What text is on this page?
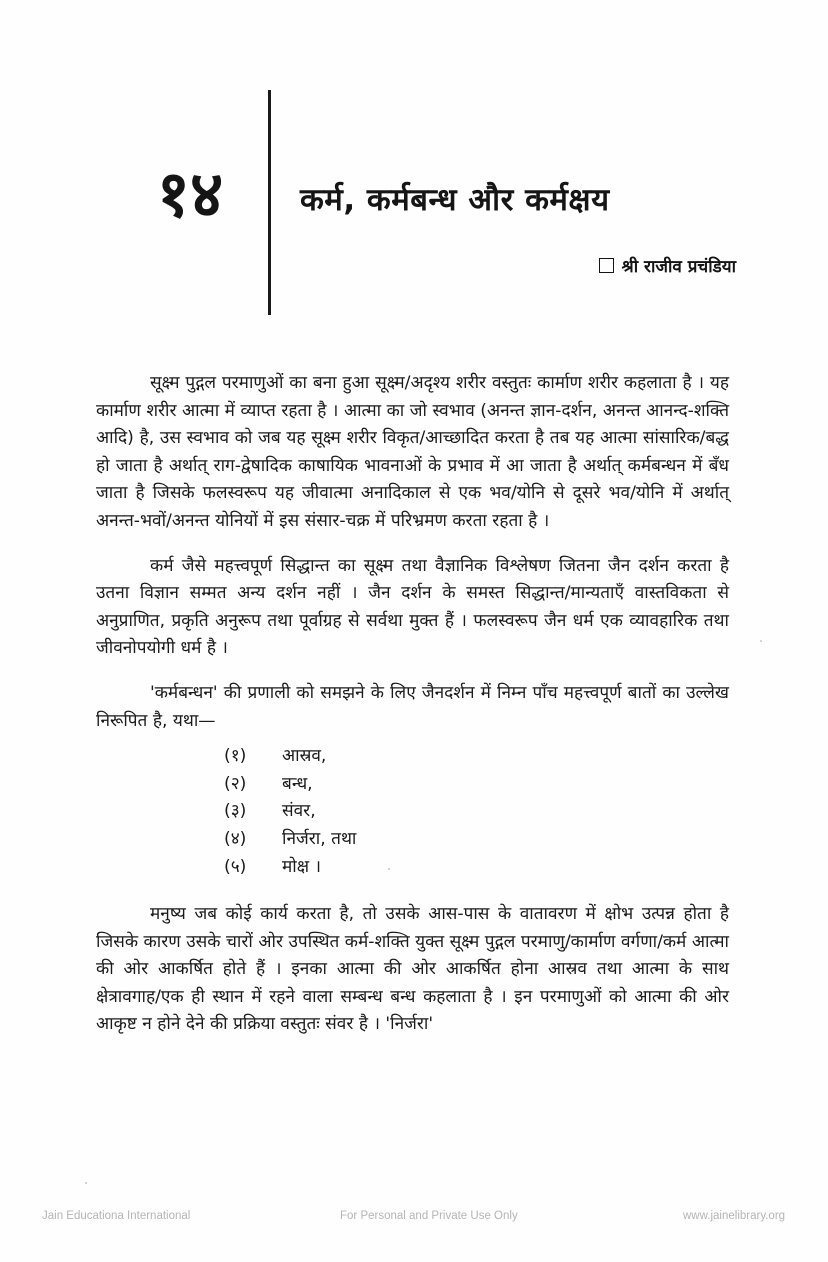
१४	कर्म, कर्मबन्ध और कर्मक्षय
श्री राजीव प्रचंडिया

सूक्ष्म पुद्गल परमाणुओं का बना हुआ सूक्ष्म/अदृश्य शरीर वस्तुतः कार्माण शरीर कहलाता है । यह कार्माण शरीर आत्मा में व्याप्त रहता है । आत्मा का जो स्वभाव (अनन्त ज्ञान-दर्शन, अनन्त आनन्द-शक्ति आदि) है, उस स्वभाव को जब यह सूक्ष्म शरीर विकृत/आच्छादित करता है तब यह आत्मा सांसारिक/बद्ध हो जाता है अर्थात् राग-द्वेषादिक काषायिक भावनाओं के प्रभाव में आ जाता है अर्थात् कर्मबन्धन में बँध जाता है जिसके फलस्वरूप यह जीवात्मा अनादिकाल से एक भव/योनि से दूसरे भव/योनि में अर्थात् अनन्त-भवों/अनन्त योनियों में इस संसार-चक्र में परिभ्रमण करता रहता है ।

कर्म जैसे महत्त्वपूर्ण सिद्धान्त का सूक्ष्म तथा वैज्ञानिक विश्लेषण जितना जैन दर्शन करता है उतना विज्ञान सम्मत अन्य दर्शन नहीं । जैन दर्शन के समस्त सिद्धान्त/मान्यताएँ वास्तविकता से अनुप्राणित, प्रकृति अनुरूप तथा पूर्वाग्रह से सर्वथा मुक्त हैं । फलस्वरूप जैन धर्म एक व्यावहारिक तथा जीवनोपयोगी धर्म है ।

'कर्मबन्धन' की प्रणाली को समझने के लिए जैनदर्शन में निम्न पाँच महत्त्वपूर्ण बातों का उल्लेख निरूपित है, यथा—

(१)	आस्रव,
(२)	बन्ध,
(३)	संवर,
(४)	निर्जरा, तथा
(५)	मोक्ष ।

मनुष्य जब कोई कार्य करता है, तो उसके आस-पास के वातावरण में क्षोभ उत्पन्न होता है जिसके कारण उसके चारों ओर उपस्थित कर्म-शक्ति युक्त सूक्ष्म पुद्गल परमाणु/कार्माण वर्गणा/कर्म आत्मा की ओर आकर्षित होते हैं । इनका आत्मा की ओर आकर्षित होना आस्रव तथा आत्मा के साथ क्षेत्रावगाह/एक ही स्थान में रहने वाला सम्बन्ध बन्ध कहलाता है । इन परमाणुओं को आत्मा की ओर आकृष्ट न होने देने की प्रक्रिया वस्तुतः संवर है । 'निर्जरा'

Jain Educationa International	For Personal and Private Use Only	www.jainelibrary.org
